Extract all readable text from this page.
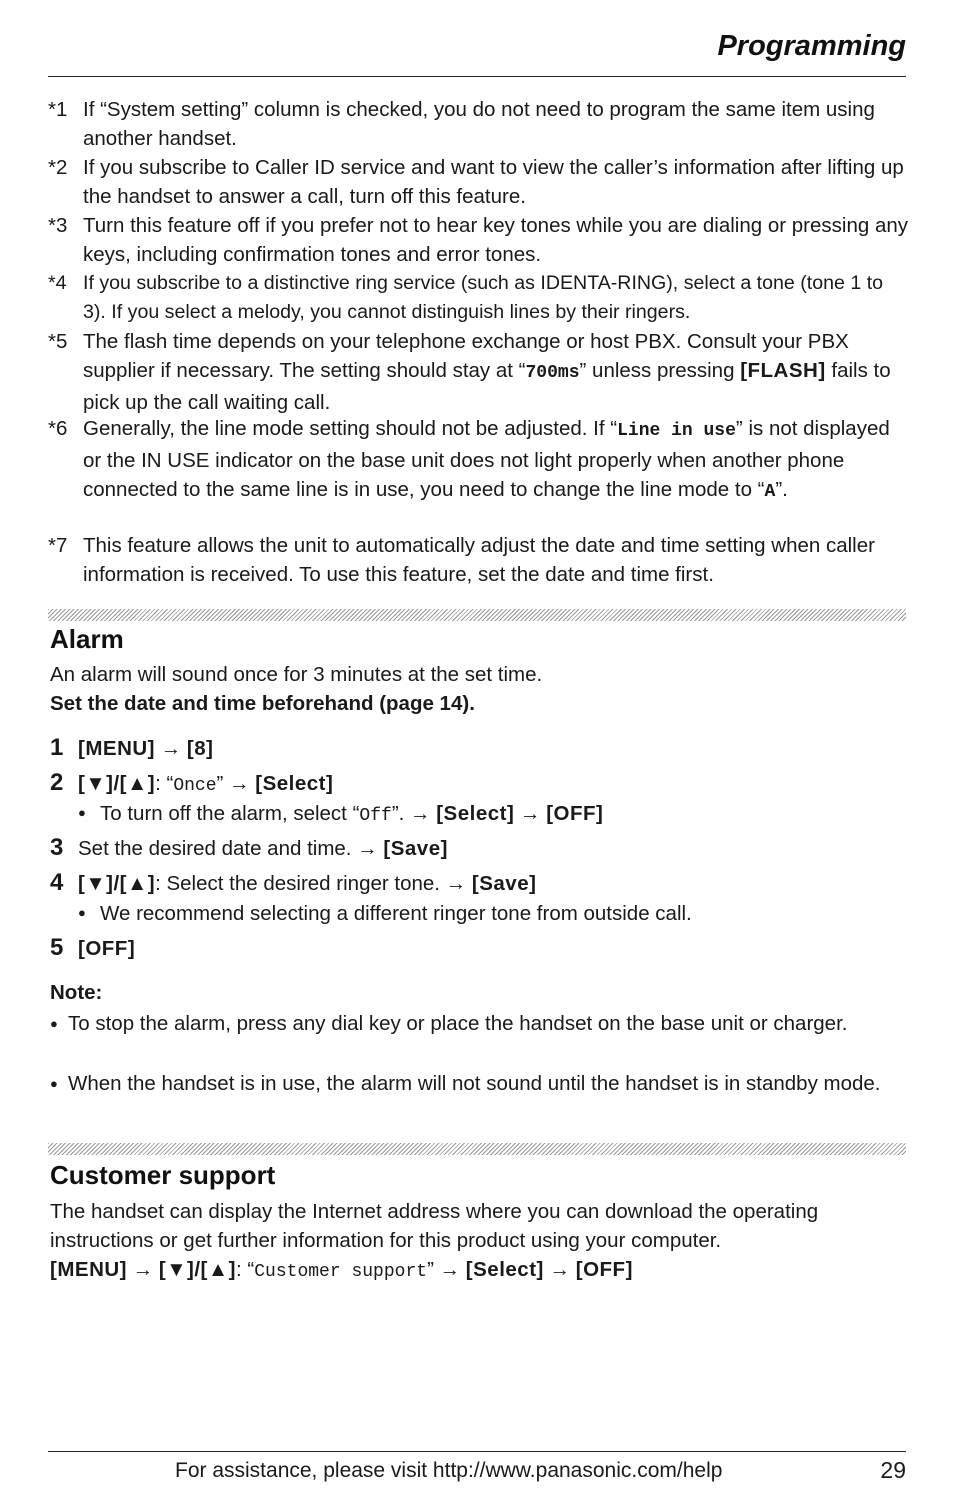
Programming
*1 If “System setting” column is checked, you do not need to program the same item using another handset.
*2 If you subscribe to Caller ID service and want to view the caller’s information after lifting up the handset to answer a call, turn off this feature.
*3 Turn this feature off if you prefer not to hear key tones while you are dialing or pressing any keys, including confirmation tones and error tones.
*4 If you subscribe to a distinctive ring service (such as IDENTA-RING), select a tone (tone 1 to 3). If you select a melody, you cannot distinguish lines by their ringers.
*5 The flash time depends on your telephone exchange or host PBX. Consult your PBX supplier if necessary. The setting should stay at “700ms” unless pressing [FLASH] fails to pick up the call waiting call.
*6 Generally, the line mode setting should not be adjusted. If “Line in use” is not displayed or the IN USE indicator on the base unit does not light properly when another phone connected to the same line is in use, you need to change the line mode to “A”.
*7 This feature allows the unit to automatically adjust the date and time setting when caller information is received. To use this feature, set the date and time first.
Alarm
An alarm will sound once for 3 minutes at the set time.
Set the date and time beforehand (page 14).
1 [MENU] → [8]
2 [▼]/[▲]: “Once” → [Select]
● To turn off the alarm, select “Off”. → [Select] → [OFF]
3 Set the desired date and time. → [Save]
4 [▼]/[▲]: Select the desired ringer tone. → [Save]
● We recommend selecting a different ringer tone from outside call.
5 [OFF]
Note:
● To stop the alarm, press any dial key or place the handset on the base unit or charger.
● When the handset is in use, the alarm will not sound until the handset is in standby mode.
Customer support
The handset can display the Internet address where you can download the operating instructions or get further information for this product using your computer.
[MENU] → [▼]/[▲]: “Customer support” → [Select] → [OFF]
For assistance, please visit http://www.panasonic.com/help	29
